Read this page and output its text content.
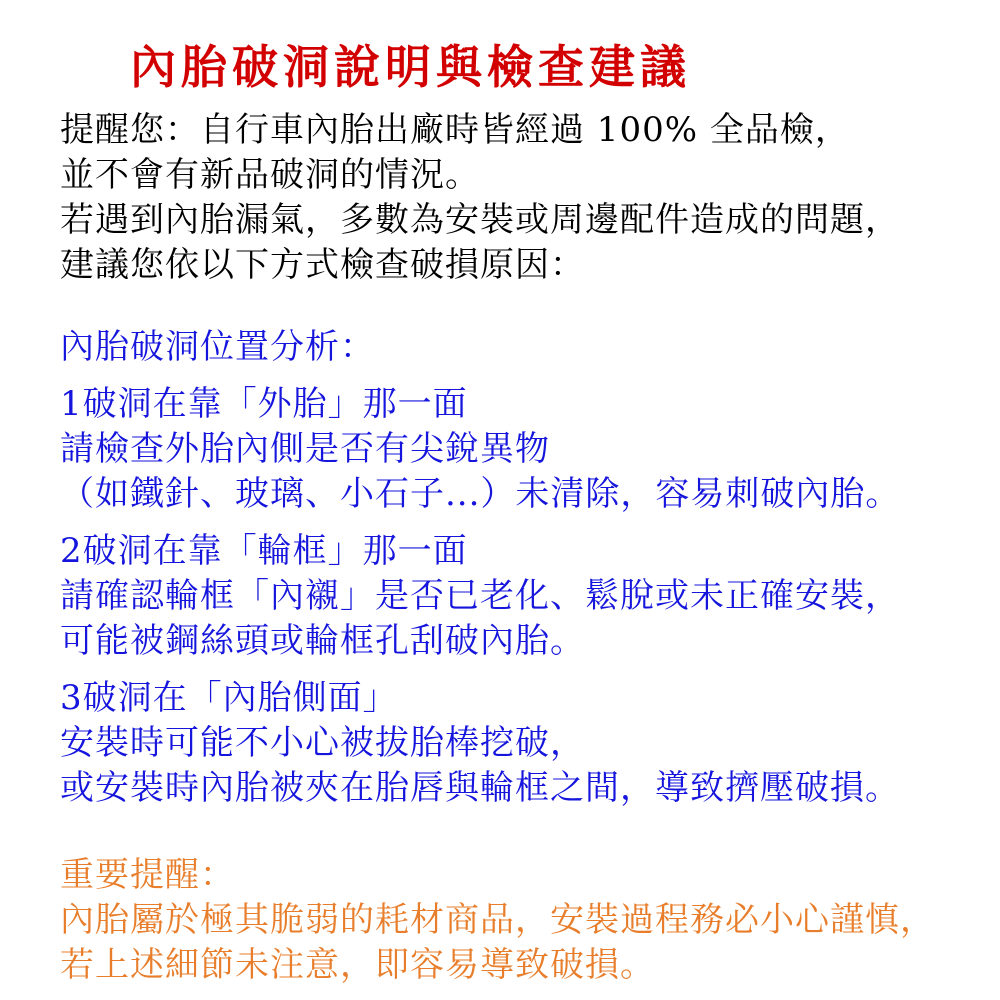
內胎破洞說明與檢查建議
提醒您：自行車內胎出廠時皆經過 100% 全品檢，
並不會有新品破洞的情況。
若遇到內胎漏氣，多數為安裝或周邊配件造成的問題，
建議您依以下方式檢查破損原因：
內胎破洞位置分析：
1破洞在靠「外胎」那一面
請檢查外胎內側是否有尖銳異物
（如鐵針、玻璃、小石子...）未清除，容易刺破內胎。
2破洞在靠「輪框」那一面
請確認輪框「內襯」是否已老化、鬆脫或未正確安裝，
可能被鋼絲頭或輪框孔刮破內胎。
3破洞在「內胎側面」
安裝時可能不小心被拔胎棒挖破，
或安裝時內胎被夾在胎唇與輪框之間，導致擠壓破損。
重要提醒：
內胎屬於極其脆弱的耗材商品，安裝過程務必小心謹慎，
若上述細節未注意，即容易導致破損。
